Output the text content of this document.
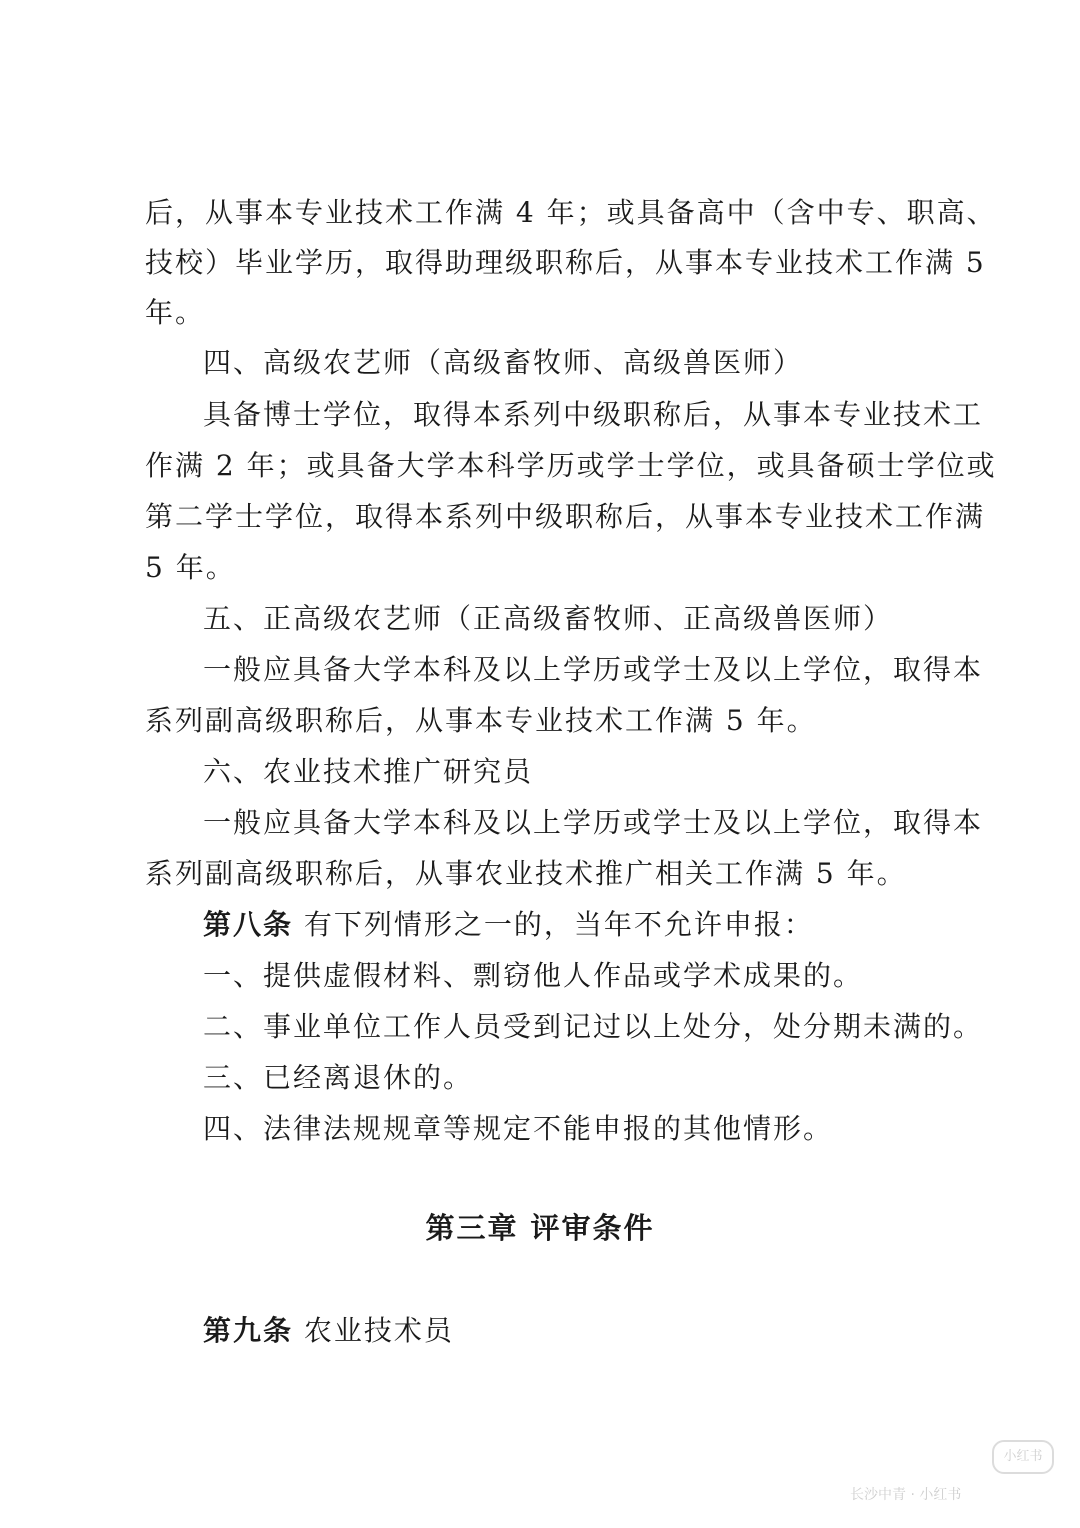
后，从事本专业技术工作满 4 年；或具备高中（含中专、职高、
技校）毕业学历，取得助理级职称后，从事本专业技术工作满 5
年。
四、高级农艺师（高级畜牧师、高级兽医师）
具备博士学位，取得本系列中级职称后，从事本专业技术工
作满 2 年；或具备大学本科学历或学士学位，或具备硕士学位或
第二学士学位，取得本系列中级职称后，从事本专业技术工作满
5 年。
五、正高级农艺师（正高级畜牧师、正高级兽医师）
一般应具备大学本科及以上学历或学士及以上学位，取得本
系列副高级职称后，从事本专业技术工作满 5 年。
六、农业技术推广研究员
一般应具备大学本科及以上学历或学士及以上学位，取得本
系列副高级职称后，从事农业技术推广相关工作满 5 年。
第八条 有下列情形之一的，当年不允许申报：
一、提供虚假材料、剽窃他人作品或学术成果的。
二、事业单位工作人员受到记过以上处分，处分期未满的。
三、已经离退休的。
四、法律法规规章等规定不能申报的其他情形。
第三章 评审条件
第九条 农业技术员
小红书
长沙中青 · 小红书
